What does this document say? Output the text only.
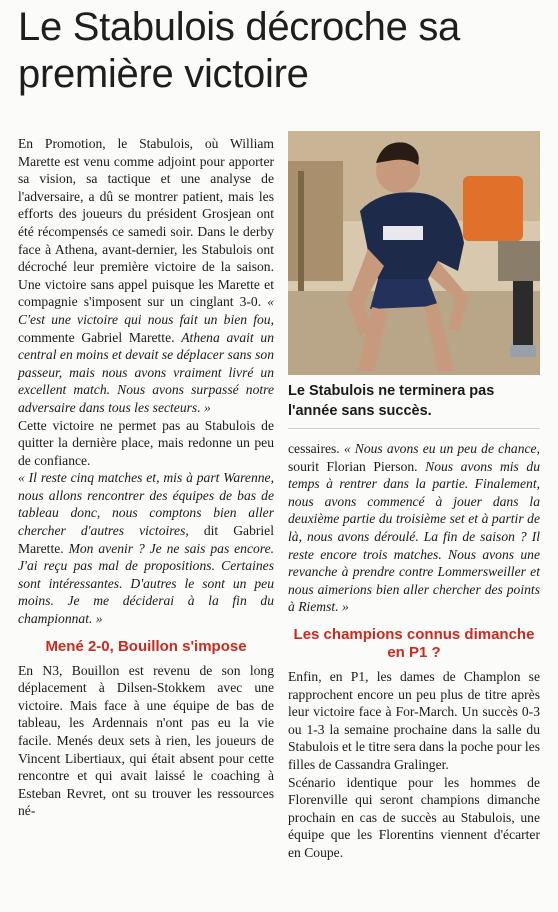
Le Stabulois décroche sa première victoire

En Promotion, le Stabulois, où William Marette est venu comme adjoint pour apporter sa vision, sa tactique et une analyse de l'adversaire, a dû se montrer patient, mais les efforts des joueurs du président Grosjean ont été récompensés ce samedi soir. Dans le derby face à Athena, avant-dernier, les Stabulois ont décroché leur première victoire de la saison. Une victoire sans appel puisque les Marette et compagnie s'imposent sur un cinglant 3-0. « C'est une victoire qui nous fait un bien fou, commente Gabriel Marette. Athena avait un central en moins et devait se déplacer sans son passeur, mais nous avons vraiment livré un excellent match. Nous avons surpassé notre adversaire dans tous les secteurs. »

Cette victoire ne permet pas au Stabulois de quitter la dernière place, mais redonne un peu de confiance.

« Il reste cinq matches et, mis à part Warenne, nous allons rencontrer des équipes de bas de tableau donc, nous comptons bien aller chercher d'autres victoires, dit Gabriel Marette. Mon avenir ? Je ne sais pas encore. J'ai reçu pas mal de propositions. Certaines sont intéressantes. D'autres le sont un peu moins. Je me déciderai à la fin du championnat. »

Mené 2-0, Bouillon s'impose

En N3, Bouillon est revenu de son long déplacement à Dilsen-Stokkem avec une victoire. Mais face à une équipe de bas de tableau, les Ardennais n'ont pas eu la vie facile. Menés deux sets à rien, les joueurs de Vincent Libertiaux, qui était absent pour cette rencontre et qui avait laissé le coaching à Esteban Revret, ont su trouver les ressources né-

Le Stabulois ne terminera pas l'année sans succès.

cessaires. « Nous avons eu un peu de chance, sourit Florian Pierson. Nous avons mis du temps à rentrer dans la partie. Finalement, nous avons commencé à jouer dans la deuxième partie du troisième set et à partir de là, nous avons déroulé. La fin de saison ? Il reste encore trois matches. Nous avons une revanche à prendre contre Lommersweiller et nous aimerions bien aller chercher des points à Riemst. »

Les champions connus dimanche en P1 ?

Enfin, en P1, les dames de Champlon se rapprochent encore un peu plus de titre après leur victoire face à For-March. Un succès 0-3 ou 1-3 la semaine prochaine dans la salle du Stabulois et le titre sera dans la poche pour les filles de Cassandra Gralinger.

Scénario identique pour les hommes de Florenville qui seront champions dimanche prochain en cas de succès au Stabulois, une équipe que les Florentins viennent d'écarter en Coupe.
